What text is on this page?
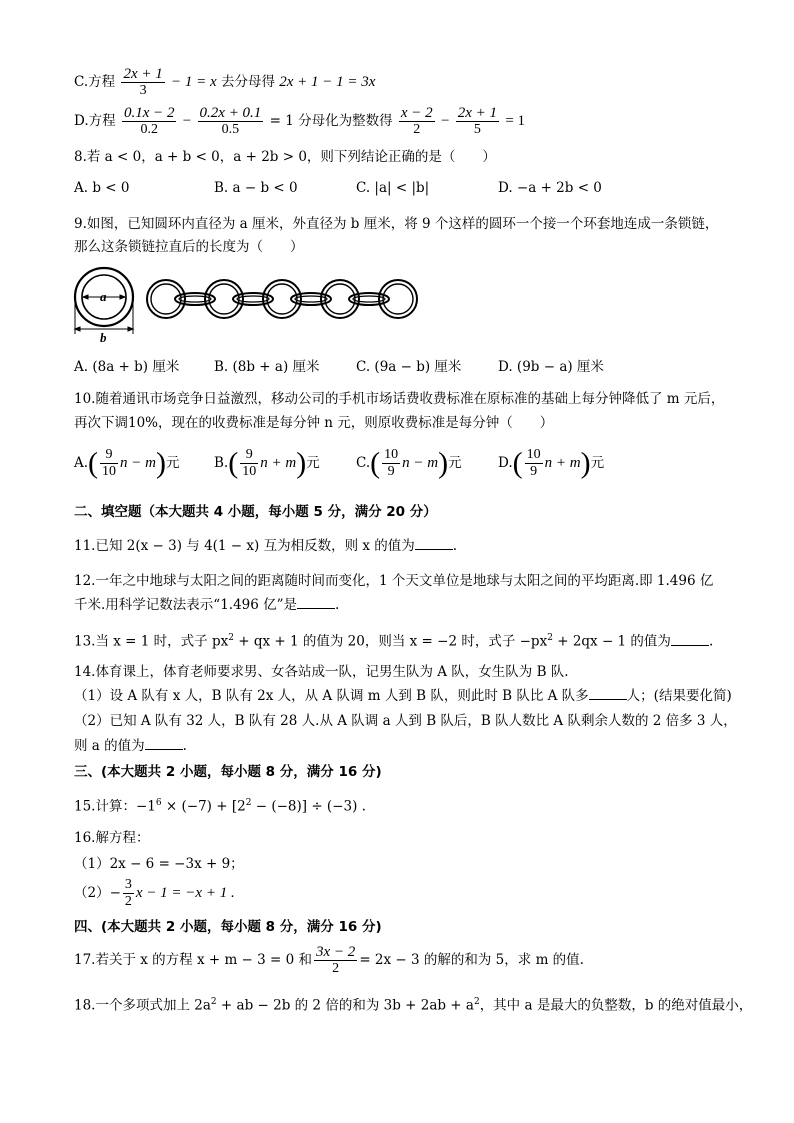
C.方程 $\frac{2x + 1}{3} - 1 = x$ 去分母得 2x + 1 − 1 = 3x
D.方程 $\frac{0.1x - 2}{0.2} - \frac{0.2x + 0.1}{0.5} = 1$ 分母化为整数得 $\frac{x - 2}{2} - \frac{2x + 1}{5} = 1$
8.若 a < 0，a + b < 0，a + 2b > 0，则下列结论正确的是（　　）
A. b < 0	B. a − b < 0	C. |a| < |b|	D. −a + 2b < 0
9.如图，已知圆环内直径为 a 厘米，外直径为 b 厘米，将 9 个这样的圆环一个接一个环套地连成一条锁链，
那么这条锁链拉直后的长度为（　　）
a
b
A. (8a + b) 厘米	B. (8b + a) 厘米	C. (9a − b) 厘米	D. (9b − a) 厘米
10.随着通讯市场竞争日益激烈，移动公司的手机市场话费收费标准在原标准的基础上每分钟降低了 m 元后，
再次下调10%，现在的收费标准是每分钟 n 元，则原收费标准是每分钟（　　）
$A.( \frac{9}{10}$ n − m)元	$B.( \frac{9}{10}$ n + m)元	$C.( \frac{10}{9}$ n − m)元	$D.( \frac{10}{9}$ n + m)元
二、填空题（本大题共 4 小题，每小题 5 分，满分 20 分）
11.已知 2(x − 3) 与 4(1 − x) 互为相反数，则 x 的值为	.
12.一年之中地球与太阳之间的距离随时间而变化，1 个天文单位是地球与太阳之间的平均距离.即 1.496 亿
千米.用科学记数法表示“1.496 亿”是	.
13.当 x = 1 时，式子 $px^2$ + qx + 1 的值为 20，则当 x = −2 时，式子 $-px^2 + 2qx - 1$ 的值为	.
14.体育课上，体育老师要求男、女各站成一队，记男生队为 A 队，女生队为 B 队.
（1）设 A 队有 x 人，B 队有 2x 人，从 A 队调 m 人到 B 队，则此时 B 队比 A 队多	人；(结果要化简)
（2）已知 A 队有 32 人，B 队有 28 人.从 A 队调 a 人到 B 队后，B 队人数比 A 队剩余人数的 2 倍多 3 人，
则 a 的值为	.
三、(本大题共 2 小题，每小题 8 分，满分 16 分)
15.计算：$-1^6 \times (-7) + [2^2 - (-8)] \div (-3)$ .
16.解方程：
（1）2x − 6 = −3x + 9；
$(2)- \frac{3}{2}$ x − 1 = −x + 1 .
四、(本大题共 2 小题，每小题 8 分，满分 16 分)
17.若关于 x 的方程 x + m − 3 = 0 和 $\frac{3x - 2}{2} = 2x - 3$ 的解的和为 5，求 m 的值.
18.一个多项式加上 $2a^2$ + ab − 2b 的 2 倍的和为 $3b + 2ab + a^2$，其中 a 是最大的负整数，b 的绝对值最小，
